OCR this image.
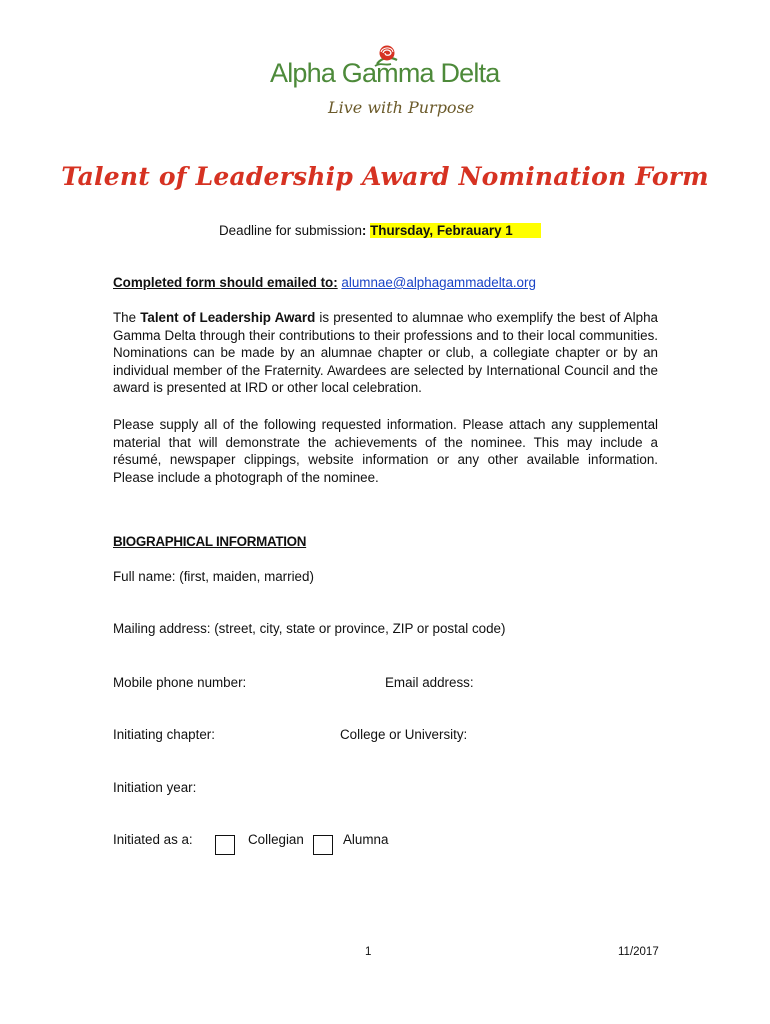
Alpha Gamma Delta
Live with Purpose
Talent of Leadership Award Nomination Form
Deadline for submission: Thursday, Febrauary 1
Completed form should emailed to: alumnae@alphagammadelta.org

The Talent of Leadership Award is presented to alumnae who exemplify the best of Alpha Gamma Delta through their contributions to their professions and to their local communities. Nominations can be made by an alumnae chapter or club, a collegiate chapter or by an individual member of the Fraternity. Awardees are selected by International Council and the award is presented at IRD or other local celebration.

Please supply all of the following requested information. Please attach any supplemental material that will demonstrate the achievements of the nominee. This may include a résumé, newspaper clippings, website information or any other available information. Please include a photograph of the nominee.

BIOGRAPHICAL INFORMATION
Full name: (first, maiden, married)
Mailing address: (street, city, state or province, ZIP or postal code)
Mobile phone number:	Email address:
Initiating chapter:	College or University:
Initiation year:
Initiated as a:	Collegian	Alumna
1	11/2017
